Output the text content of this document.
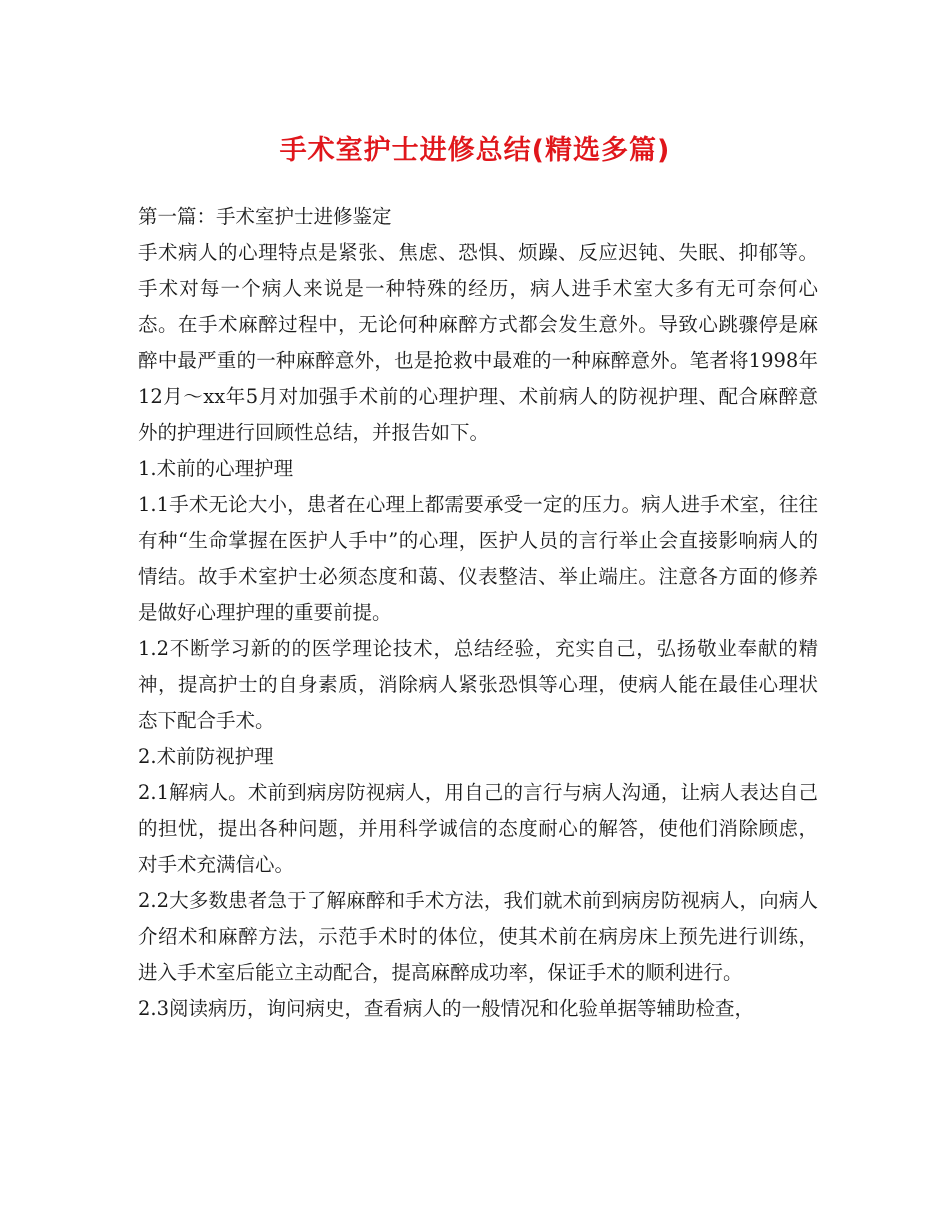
手术室护士进修总结(精选多篇)

第一篇：手术室护士进修鉴定

手术病人的心理特点是紧张、焦虑、恐惧、烦躁、反应迟钝、失眠、抑郁等。手术对每一个病人来说是一种特殊的经历，病人进手术室大多有无可奈何心态。在手术麻醉过程中，无论何种麻醉方式都会发生意外。导致心跳骤停是麻醉中最严重的一种麻醉意外，也是抢救中最难的一种麻醉意外。笔者将1998年12月～xx年5月对加强手术前的心理护理、术前病人的防视护理、配合麻醉意外的护理进行回顾性总结，并报告如下。

1.术前的心理护理

1.1手术无论大小，患者在心理上都需要承受一定的压力。病人进手术室，往往有种“生命掌握在医护人手中”的心理，医护人员的言行举止会直接影响病人的情结。故手术室护士必须态度和蔼、仪表整洁、举止端庄。注意各方面的修养是做好心理护理的重要前提。

1.2不断学习新的的医学理论技术，总结经验，充实自己，弘扬敬业奉献的精神，提高护士的自身素质，消除病人紧张恐惧等心理，使病人能在最佳心理状态下配合手术。

2.术前防视护理

2.1解病人。术前到病房防视病人，用自己的言行与病人沟通，让病人表达自己的担忧，提出各种问题，并用科学诚信的态度耐心的解答，使他们消除顾虑，对手术充满信心。

2.2大多数患者急于了解麻醉和手术方法，我们就术前到病房防视病人，向病人介绍术和麻醉方法，示范手术时的体位，使其术前在病房床上预先进行训练，进入手术室后能立主动配合，提高麻醉成功率，保证手术的顺利进行。

2.3阅读病历，询问病史，查看病人的一般情况和化验单据等辅助检查，
